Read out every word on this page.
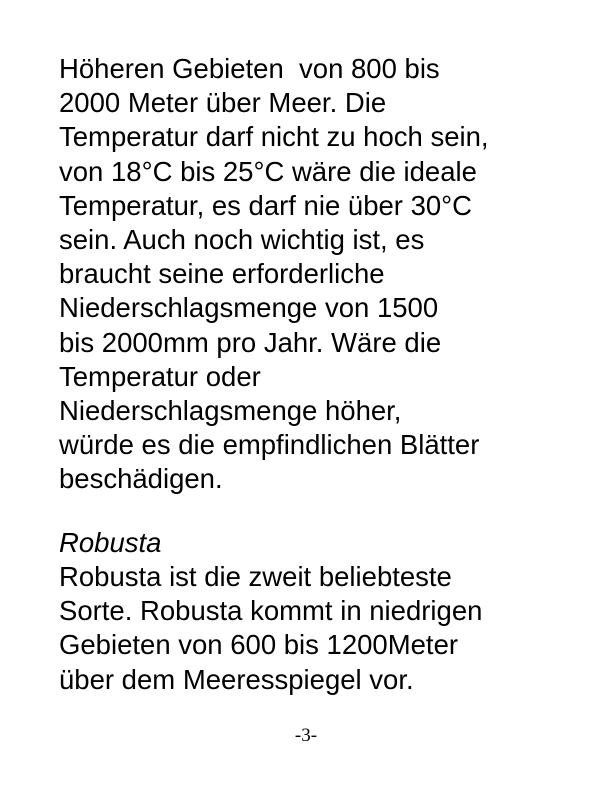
Höheren Gebieten  von 800 bis
2000 Meter über Meer. Die
Temperatur darf nicht zu hoch sein,
von 18°C bis 25°C wäre die ideale
Temperatur, es darf nie über 30°C
sein. Auch noch wichtig ist, es
braucht seine erforderliche
Niederschlagsmenge von 1500
bis 2000mm pro Jahr. Wäre die
Temperatur oder
Niederschlagsmenge höher,
würde es die empfindlichen Blätter
beschädigen.
Robusta
Robusta ist die zweit beliebteste
Sorte. Robusta kommt in niedrigen
Gebieten von 600 bis 1200Meter
über dem Meeresspiegel vor.
-3-
